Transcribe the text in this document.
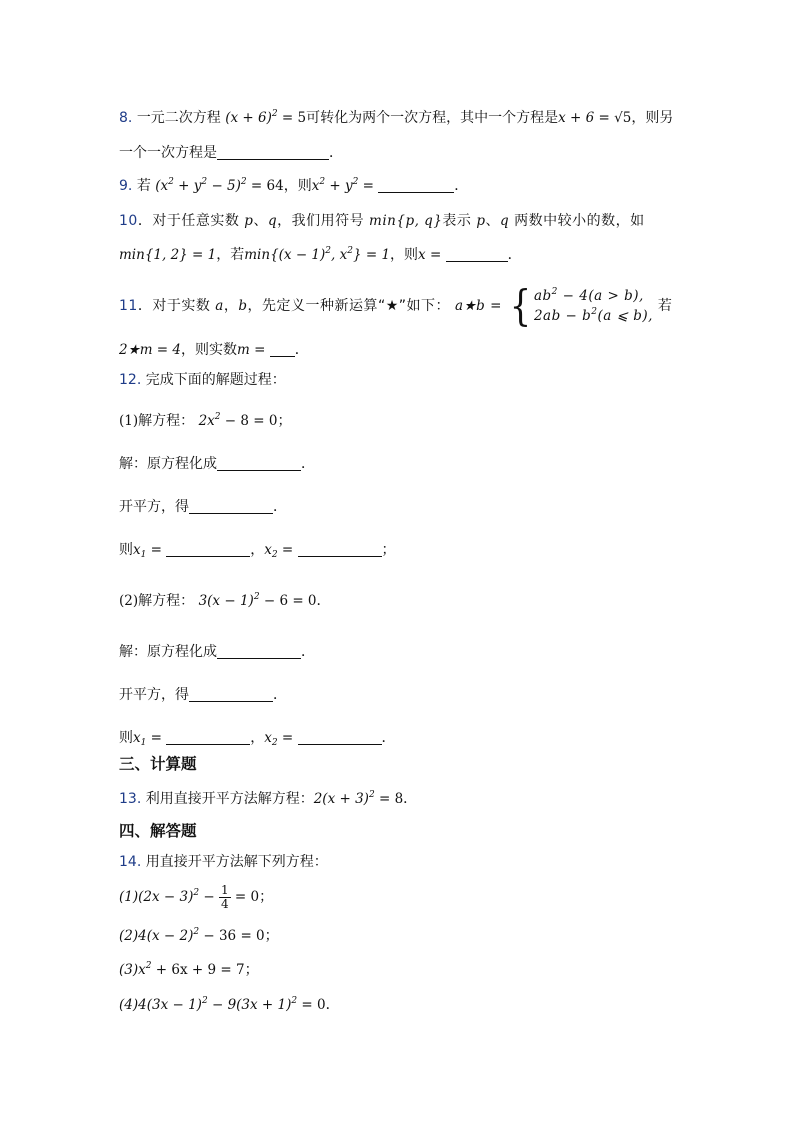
8. 一元二次方程 $(x + 6)^2 = 5$可转化为两个一次方程，其中一个方程是x + 6 = √5，则另
一个一次方程是	．
9. 若 $(x^2 + y^2 - 5)^2 = 64$，则$x^2 + y^2$ =	．
10．对于任意实数 p、q，我们用符号 min{p, q}表示 p、q 两数中较小的数，如
min{1, 2} = 1，若$\min\{(x - 1)^2$, $x^2\} = 1$，则x =	．
11．对于实数 a，b，先定义一种新运算“★”如下： a★b = { $ab^2 - 4(a > b)$,
$2ab - b^2(a$ ⩽ b),
若
2★m = 4，则实数m = ．
12. 完成下面的解题过程：
(1)解方程： $2x^2 - 8 = 0$；
解：原方程化成	．
开平方，得	．
则$x_1$ =	，$x_2$ =	；
(2)解方程： $3(x - 1)^2 - 6 = 0$．
解：原方程化成	．
开平方，得	．
则$x_1$ =	，$x_2$ =	．
三、计算题
13. 利用直接开平方法解方程：$2(x + 3)^2 = 8$．
四、解答题
14. 用直接开平方法解下列方程：
$(1)(2x - 3)^2 - \frac{1}{4} = 0$；
$(2)4(x - 2)^2 - 36 = 0$；
$(3)x^2 + 6x + 9 = 7$；
$(4)4(3x - 1)^2 - 9(3x + 1)^2 = 0$．
